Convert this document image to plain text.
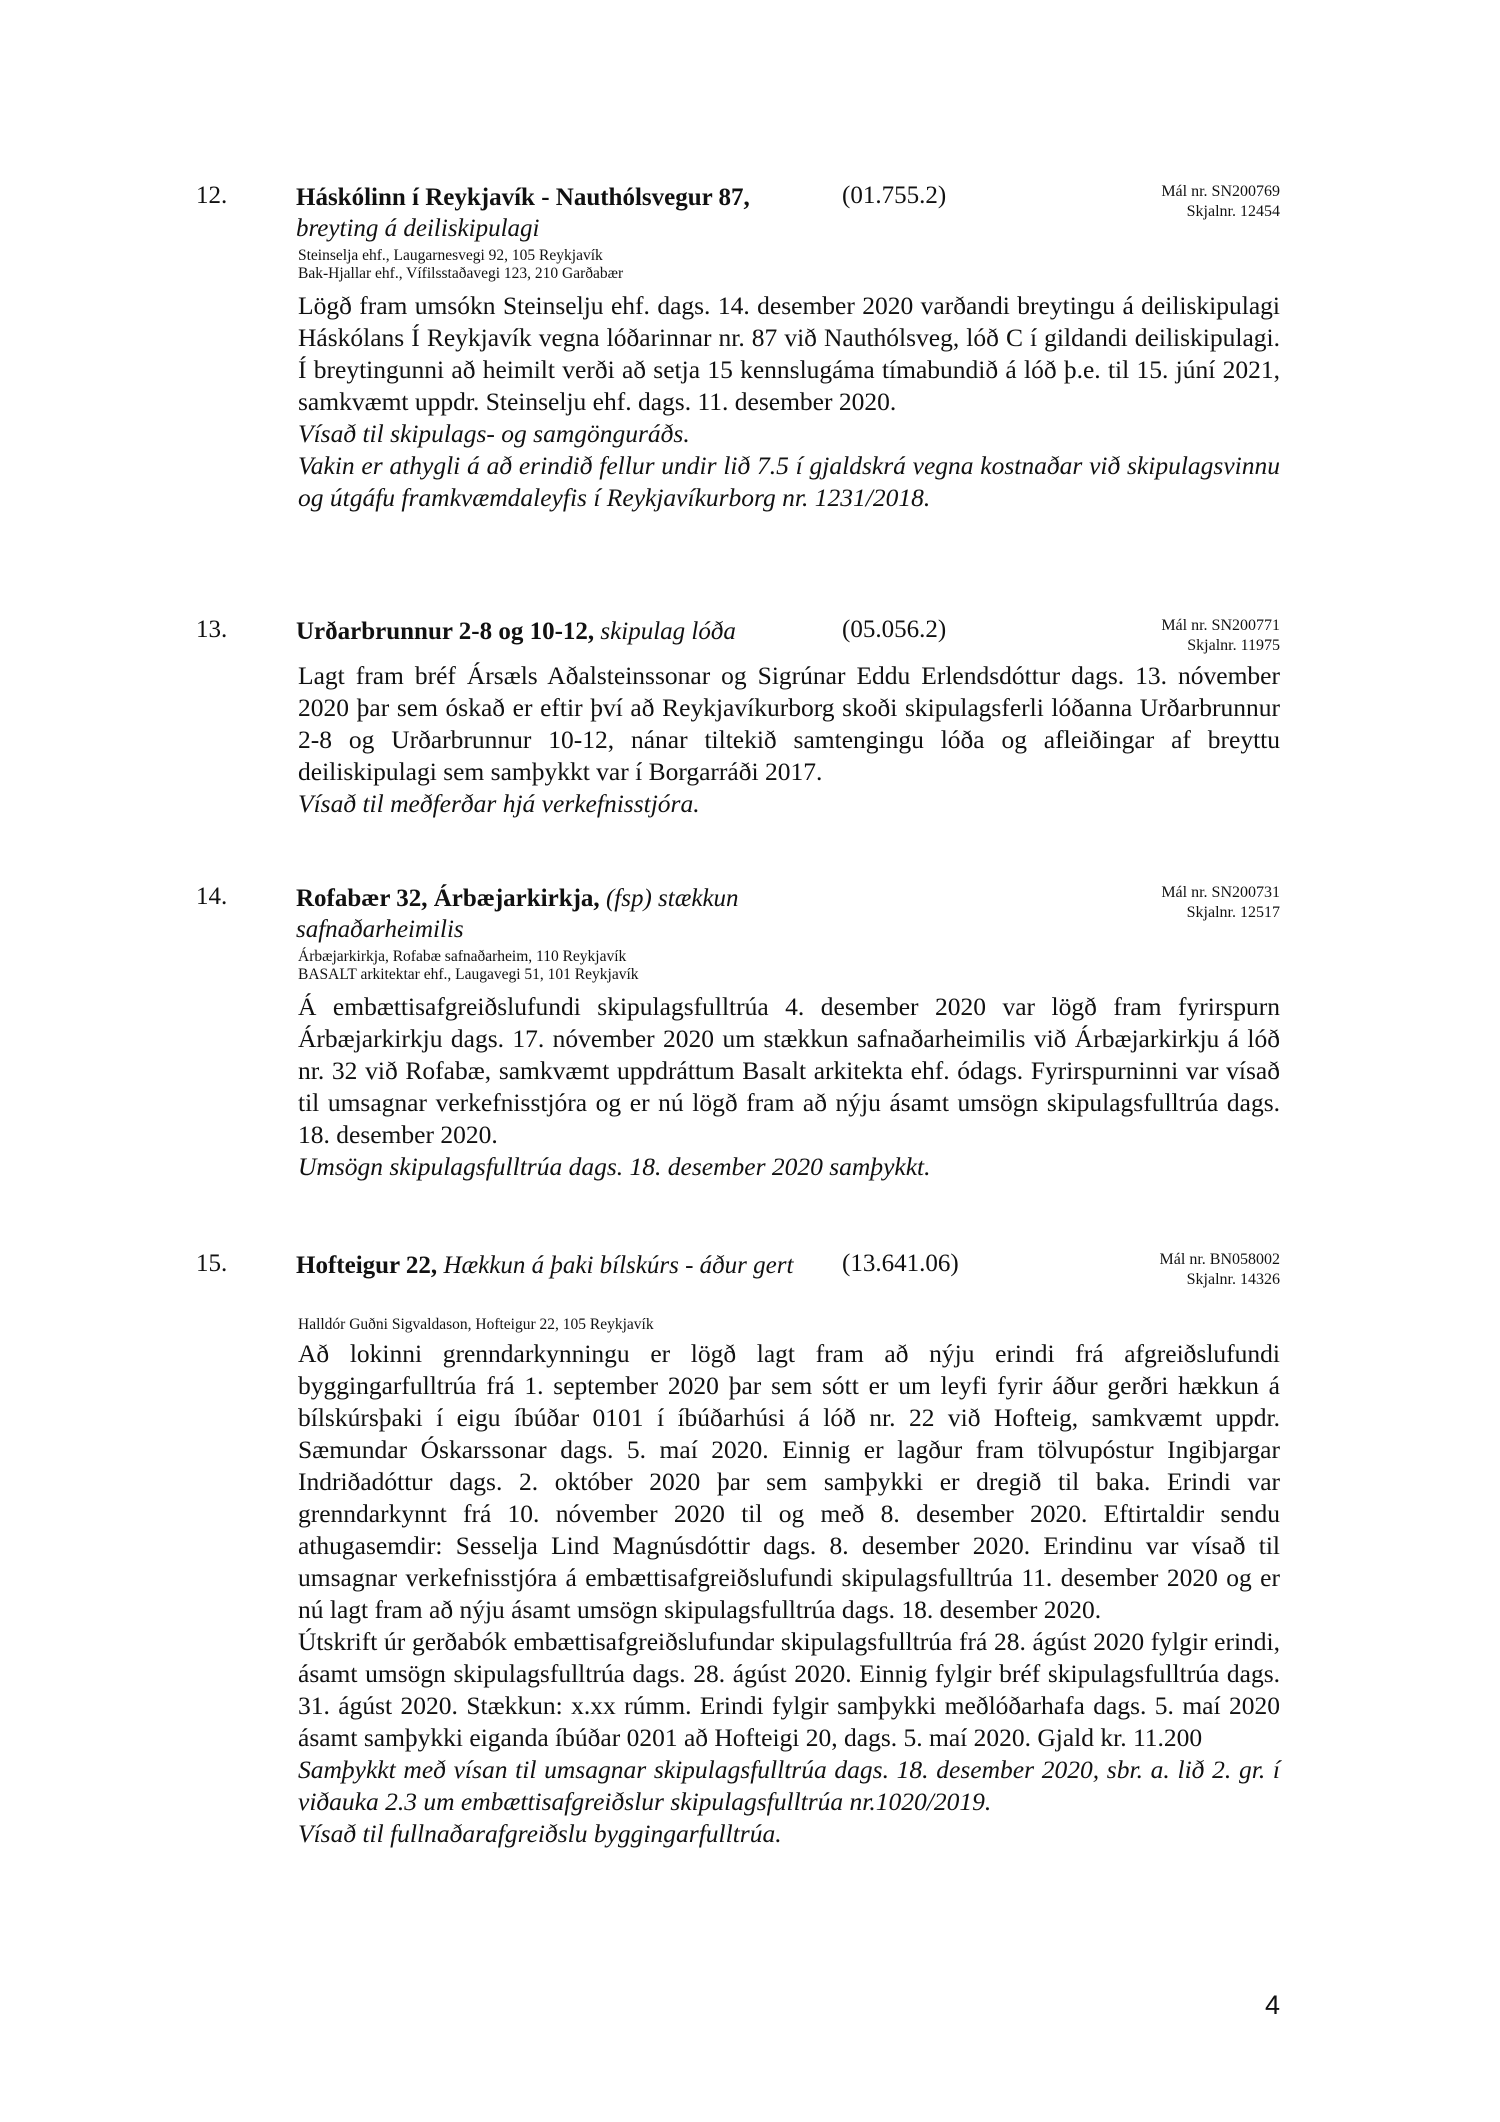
12.	Háskólinn í Reykjavík - Nauthólsvegur 87,
breyting á deiliskipulagi
(01.755.2)	Mál nr. SN200769
Skjalnr. 12454
Steinselja ehf., Laugarnesvegi 92, 105 Reykjavík
Bak-Hjallar ehf., Vífilsstaðavegi 123, 210 Garðabær

Lögð fram umsókn Steinselju ehf. dags. 14. desember 2020 varðandi breytingu á deiliskipulagi Háskólans Í Reykjavík vegna lóðarinnar nr. 87 við Nauthólsveg, lóð C í gildandi deiliskipulagi. Í breytingunni að heimilt verði að setja 15 kennslugáma tímabundið á lóð þ.e. til 15. júní 2021, samkvæmt uppdr. Steinselju ehf. dags. 11. desember 2020.

Vísað til skipulags- og samgönguráðs.

Vakin er athygli á að erindið fellur undir lið 7.5 í gjaldskrá vegna kostnaðar við skipulagsvinnu og útgáfu framkvæmdaleyfis í Reykjavíkurborg nr. 1231/2018.

13.	Urðarbrunnur 2-8 og 10-12, skipulag lóða	(05.056.2)	Mál nr. SN200771
Skjalnr. 11975

Lagt fram bréf Ársæls Aðalsteinssonar og Sigrúnar Eddu Erlendsdóttur dags. 13. nóvember 2020 þar sem óskað er eftir því að Reykjavíkurborg skoði skipulagsferli lóðanna Urðarbrunnur 2-8 og Urðarbrunnur 10-12, nánar tiltekið samtengingu lóða og afleiðingar af breyttu deiliskipulagi sem samþykkt var í Borgarráði 2017.

Vísað til meðferðar hjá verkefnisstjóra.

14.	Rofabær 32, Árbæjarkirkja, (fsp) stækkun safnaðarheimilis
Mál nr. SN200731
Skjalnr. 12517
Árbæjarkirkja, Rofabæ safnaðarheim, 110 Reykjavík
BASALT arkitektar ehf., Laugavegi 51, 101 Reykjavík

Á embættisafgreiðslufundi skipulagsfulltrúa 4. desember 2020 var lögð fram fyrirspurn Árbæjarkirkju dags. 17. nóvember 2020 um stækkun safnaðarheimilis við Árbæjarkirkju á lóð nr. 32 við Rofabæ, samkvæmt uppdráttum Basalt arkitekta ehf. ódags. Fyrirspurninni var vísað til umsagnar verkefnisstjóra og er nú lögð fram að nýju ásamt umsögn skipulagsfulltrúa dags. 18. desember 2020.

Umsögn skipulagsfulltrúa dags. 18. desember 2020 samþykkt.

15.	Hofteigur 22, Hækkun á þaki bílskúrs - áður gert	(13.641.06)	Mál nr. BN058002
Skjalnr. 14326
Halldór Guðni Sigvaldason, Hofteigur 22, 105 Reykjavík

Að lokinni grenndarkynningu er lögð lagt fram að nýju erindi frá afgreiðslufundi byggingarfulltrúa frá 1. september 2020 þar sem sótt er um leyfi fyrir áður gerðri hækkun á bílskúrsþaki í eigu íbúðar 0101 í íbúðarhúsi á lóð nr. 22 við Hofteig, samkvæmt uppdr. Sæmundar Óskarssonar dags. 5. maí 2020. Einnig er lagður fram tölvupóstur Ingibjargar Indriðadóttur dags. 2. október 2020 þar sem samþykki er dregið til baka. Erindi var grenndarkynnt frá 10. nóvember 2020 til og með 8. desember 2020. Eftirtaldir sendu athugasemdir: Sesselja Lind Magnúsdóttir dags. 8. desember 2020. Erindinu var vísað til umsagnar verkefnisstjóra á embættisafgreiðslufundi skipulagsfulltrúa 11. desember 2020 og er nú lagt fram að nýju ásamt umsögn skipulagsfulltrúa dags. 18. desember 2020.

Útskrift úr gerðabók embættisafgreiðslufundar skipulagsfulltrúa frá 28. ágúst 2020 fylgir erindi, ásamt umsögn skipulagsfulltrúa dags. 28. ágúst 2020. Einnig fylgir bréf skipulagsfulltrúa dags. 31. ágúst 2020. Stækkun: x.xx rúmm. Erindi fylgir samþykki meðlóðarhafa dags. 5. maí 2020 ásamt samþykki eiganda íbúðar 0201 að Hofteigi 20, dags. 5. maí 2020. Gjald kr. 11.200

Samþykkt með vísan til umsagnar skipulagsfulltrúa dags. 18. desember 2020, sbr. a. lið 2. gr. í viðauka 2.3 um embættisafgreiðslur skipulagsfulltrúa nr.1020/2019.

Vísað til fullnaðarafgreiðslu byggingarfulltrúa.

4
